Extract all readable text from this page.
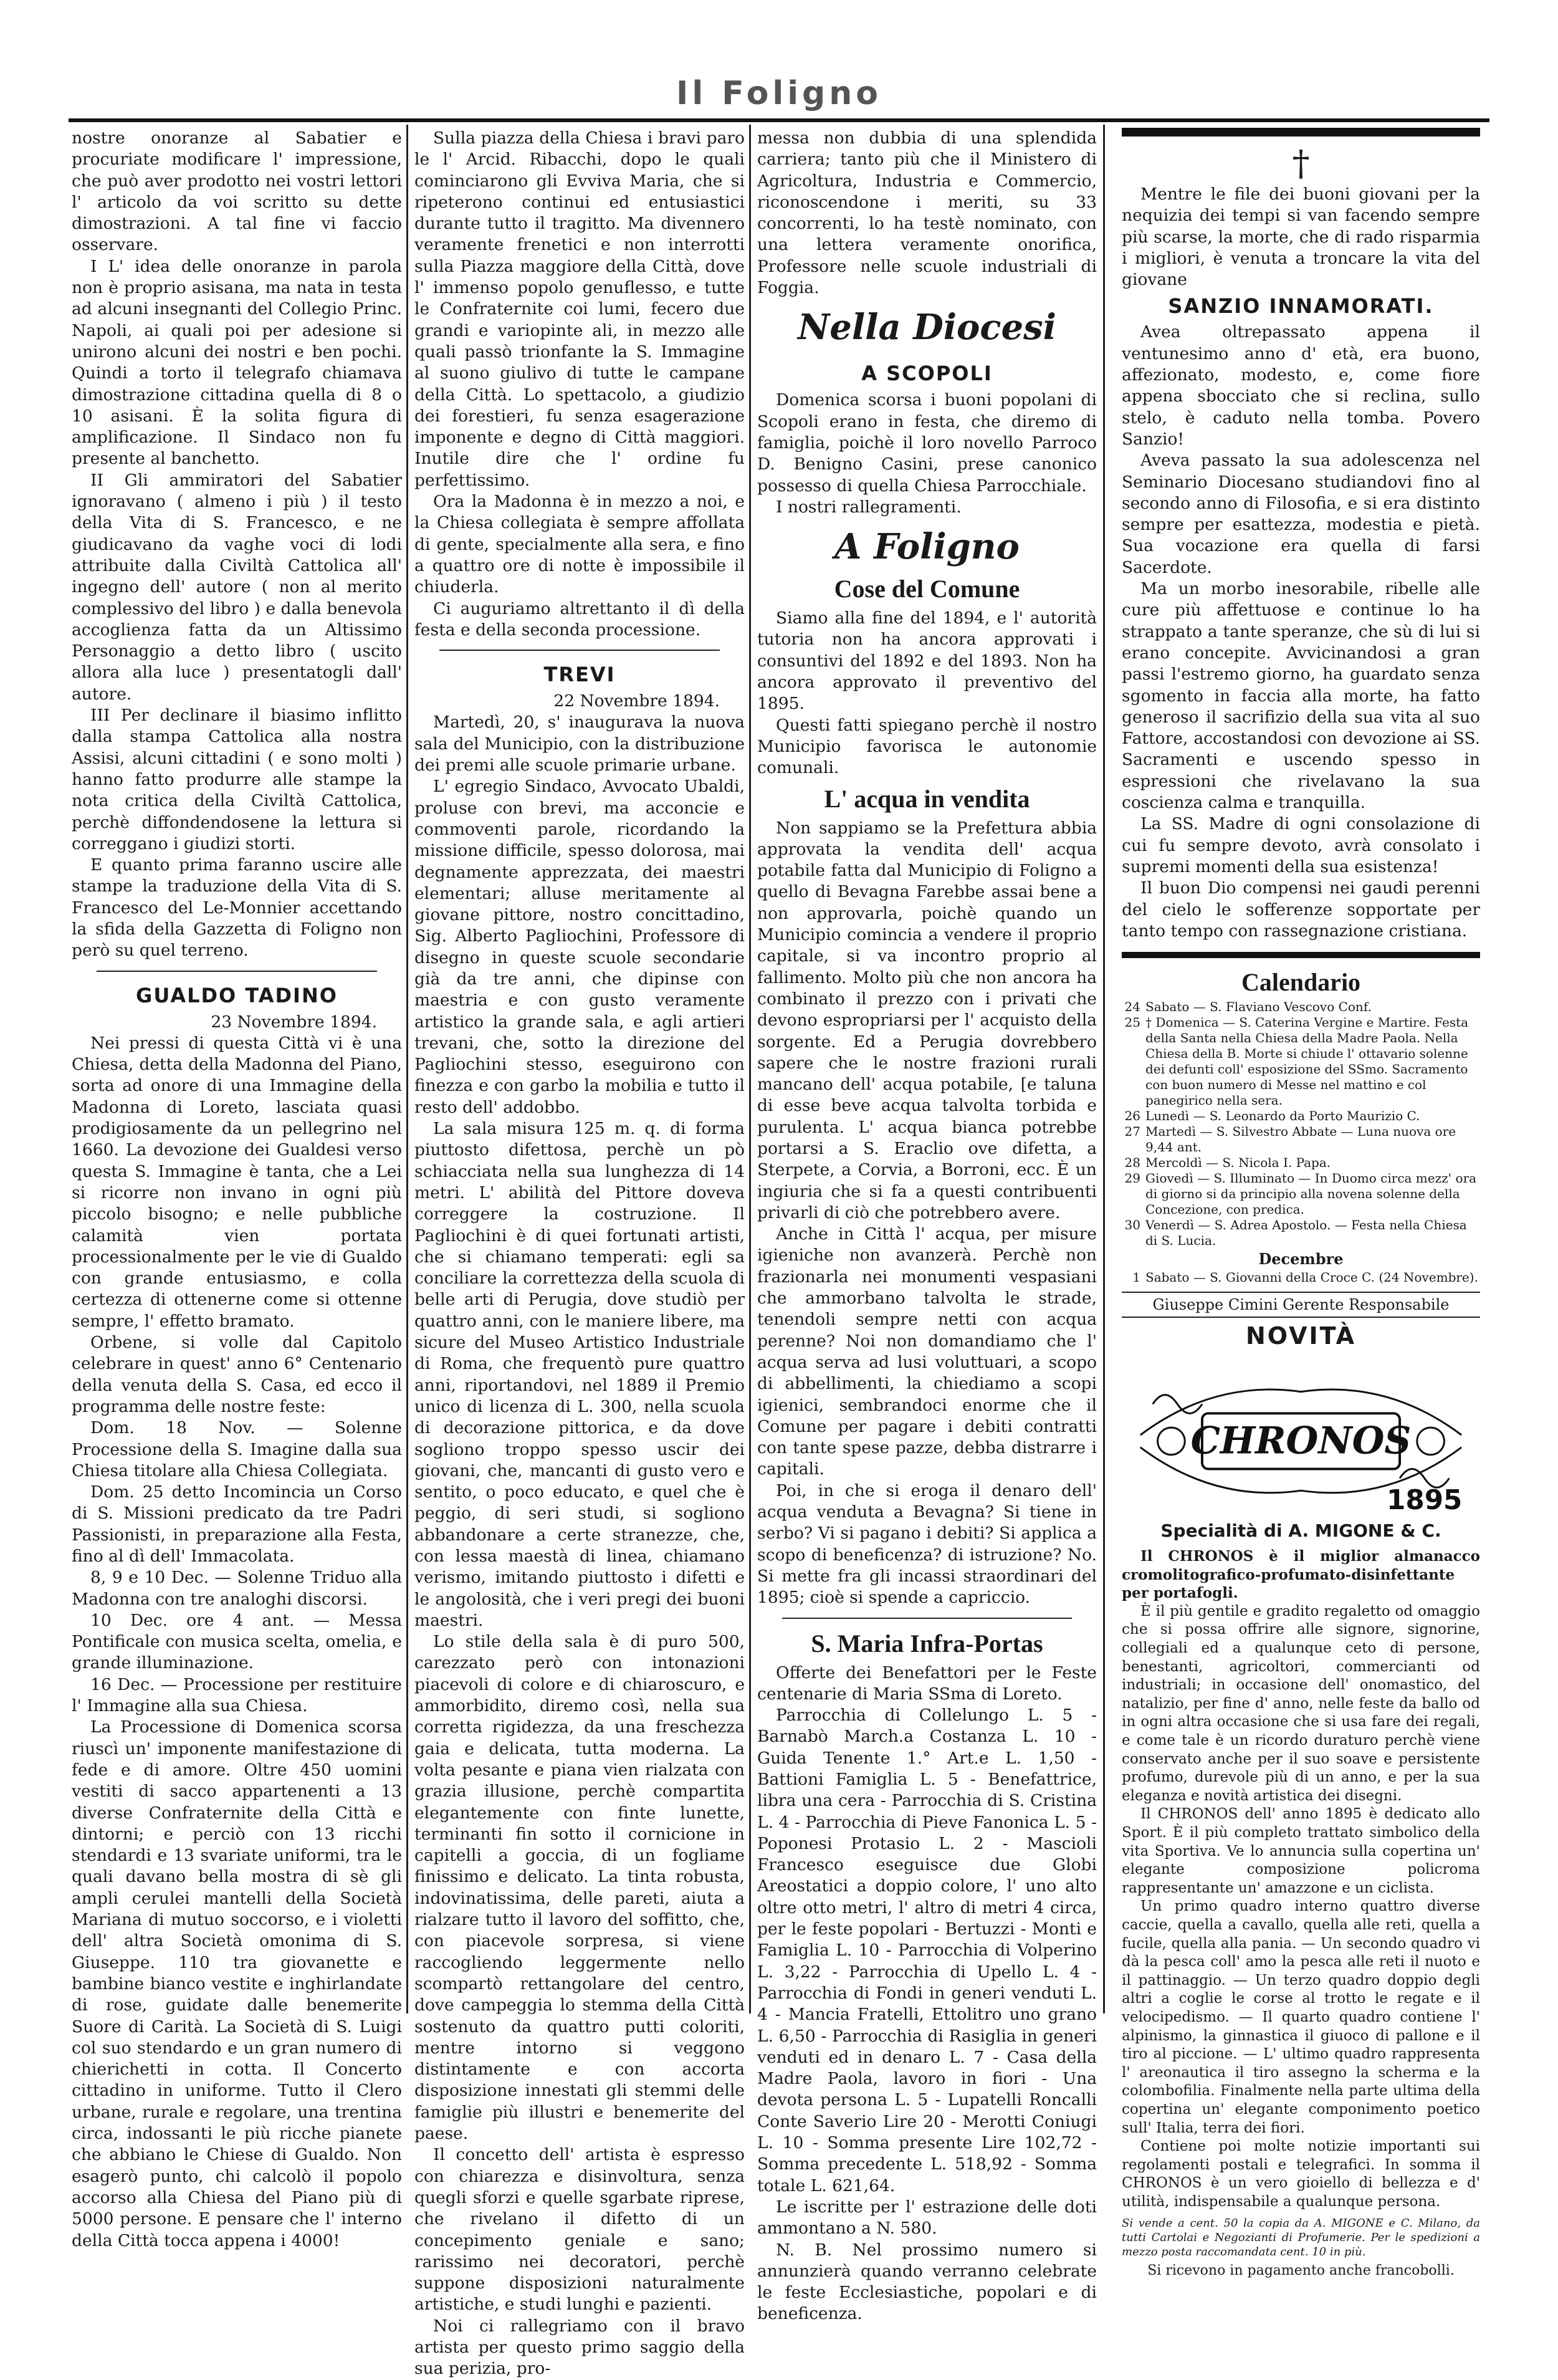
Il Foligno

nostre onoranze al Sabatier e procuriate modificare l' impressione, che può aver prodotto nei vostri lettori l' articolo da voi scritto su dette dimostrazioni. A tal fine vi faccio osservare.

I L' idea delle onoranze in parola non è proprio asisana, ma nata in testa ad alcuni insegnanti del Collegio Princ. Napoli, ai quali poi per adesione si unirono alcuni dei nostri e ben pochi. Quindi a torto il telegrafo chiamava dimostrazione cittadina quella di 8 o 10 asisani. È la solita figura di amplificazione. Il Sindaco non fu presente al banchetto.

II Gli ammiratori del Sabatier ignoravano ( almeno i più ) il testo della Vita di S. Francesco, e ne giudicavano da vaghe voci di lodi attribuite dalla Civiltà Cattolica all' ingegno dell' autore ( non al merito complessivo del libro ) e dalla benevola accoglienza fatta da un Altissimo Personaggio a detto libro ( uscito allora alla luce ) presentatogli dall' autore.

III Per declinare il biasimo inflitto dalla stampa Cattolica alla nostra Assisi, alcuni cittadini ( e sono molti ) hanno fatto produrre alle stampe la nota critica della Civiltà Cattolica, perchè diffondendosene la lettura si correggano i giudizi storti.

E quanto prima faranno uscire alle stampe la traduzione della Vita di S. Francesco del Le-Monnier accettando la sfida della Gazzetta di Foligno non però su quel terreno.

GUALDO TADINO
23 Novembre 1894.

Nei pressi di questa Città vi è una Chiesa, detta della Madonna del Piano, sorta ad onore di una Immagine della Madonna di Loreto, lasciata quasi prodigiosamente da un pellegrino nel 1660. La devozione dei Gualdesi verso questa S. Immagine è tanta, che a Lei si ricorre non invano in ogni più piccolo bisogno; e nelle pubbliche calamità vien portata processionalmente per le vie di Gualdo con grande entusiasmo, e colla certezza di ottenerne come si ottenne sempre, l' effetto bramato.

Orbene, si volle dal Capitolo celebrare in quest' anno 6° Centenario della venuta della S. Casa, ed ecco il programma delle nostre feste:

Dom. 18 Nov. — Solenne Processione della S. Imagine dalla sua Chiesa titolare alla Chiesa Collegiata.

Dom. 25 detto Incomincia un Corso di S. Missioni predicato da tre Padri Passionisti, in preparazione alla Festa, fino al dì dell' Immacolata.

8, 9 e 10 Dec. — Solenne Triduo alla Madonna con tre analoghi discorsi.

10 Dec. ore 4 ant. — Messa Pontificale con musica scelta, omelia, e grande illuminazione.

16 Dec. — Processione per restituire l' Immagine alla sua Chiesa.

La Processione di Domenica scorsa riuscì un' imponente manifestazione di fede e di amore. Oltre 450 uomini vestiti di sacco appartenenti a 13 diverse Confraternite della Città e dintorni; e perciò con 13 ricchi stendardi e 13 svariate uniformi, tra le quali davano bella mostra di sè gli ampli cerulei mantelli della Società Mariana di mutuo soccorso, e i violetti dell' altra Società omonima di S. Giuseppe. 110 tra giovanette e bambine bianco vestite e inghirlandate di rose, guidate dalle benemerite Suore di Carità. La Società di S. Luigi col suo stendardo e un gran numero di chierichetti in cotta. Il Concerto cittadino in uniforme. Tutto il Clero urbane, rurale e regolare, una trentina circa, indossanti le più ricche pianete che abbiano le Chiese di Gualdo. Non esagerò punto, chi calcolò il popolo accorso alla Chiesa del Piano più di 5000 persone. E pensare che l' interno della Città tocca appena i 4000!

Sulla piazza della Chiesa i bravi paro le l' Arcid. Ribacchi, dopo le quali cominciarono gli Evviva Maria, che si ripeterono continui ed entusiastici durante tutto il tragitto. Ma divennero veramente frenetici e non interrotti sulla Piazza maggiore della Città, dove l' immenso popolo genuflesso, e tutte le Confraternite coi lumi, fecero due grandi e variopinte ali, in mezzo alle quali passò trionfante la S. Immagine al suono giulivo di tutte le campane della Città. Lo spettacolo, a giudizio dei forestieri, fu senza esagerazione imponente e degno di Città maggiori. Inutile dire che l' ordine fu perfettissimo.

Ora la Madonna è in mezzo a noi, e la Chiesa collegiata è sempre affollata di gente, specialmente alla sera, e fino a quattro ore di notte è impossibile il chiuderla.

Ci auguriamo altrettanto il dì della festa e della seconda processione.

TREVI
22 Novembre 1894.

Martedì, 20, s' inaugurava la nuova sala del Municipio, con la distribuzione dei premi alle scuole primarie urbane.

L' egregio Sindaco, Avvocato Ubaldi, proluse con brevi, ma acconcie e commoventi parole, ricordando la missione difficile, spesso dolorosa, mai degnamente apprezzata, dei maestri elementari; alluse meritamente al giovane pittore, nostro concittadino, Sig. Alberto Pagliochini, Professore di disegno in queste scuole secondarie già da tre anni, che dipinse con maestria e con gusto veramente artistico la grande sala, e agli artieri trevani, che, sotto la direzione del Pagliochini stesso, eseguirono con finezza e con garbo la mobilia e tutto il resto dell' addobbo.

La sala misura 125 m. q. di forma piuttosto difettosa, perchè un pò schiacciata nella sua lunghezza di 14 metri. L' abilità del Pittore doveva correggere la costruzione. Il Pagliochini è di quei fortunati artisti, che si chiamano temperati: egli sa conciliare la correttezza della scuola di belle arti di Perugia, dove studiò per quattro anni, con le maniere libere, ma sicure del Museo Artistico Industriale di Roma, che frequentò pure quattro anni, riportandovi, nel 1889 il Premio unico di licenza di L. 300, nella scuola di decorazione pittorica, e da dove sogliono troppo spesso uscir dei giovani, che, mancanti di gusto vero e sentito, o poco educato, e quel che è peggio, di seri studi, si sogliono abbandonare a certe stranezze, che, con lessa maestà di linea, chiamano verismo, imitando piuttosto i difetti e le angolosità, che i veri pregi dei buoni maestri.

Lo stile della sala è di puro 500, carezzato però con intonazioni piacevoli di colore e di chiaroscuro, e ammorbidito, diremo così, nella sua corretta rigidezza, da una freschezza gaia e delicata, tutta moderna. La volta pesante e piana vien rialzata con grazia illusione, perchè compartita elegantemente con finte lunette, terminanti fin sotto il cornicione in capitelli a goccia, di un fogliame finissimo e delicato. La tinta robusta, indovinatissima, delle pareti, aiuta a rialzare tutto il lavoro del soffitto, che, con piacevole sorpresa, si viene raccogliendo leggermente nello scompartò rettangolare del centro, dove campeggia lo stemma della Città sostenuto da quattro putti coloriti, mentre intorno si veggono distintamente e con accorta disposizione innestati gli stemmi delle famiglie più illustri e benemerite del paese.

Il concetto dell' artista è espresso con chiarezza e disinvoltura, senza quegli sforzi e quelle sgarbate riprese, che rivelano il difetto di un concepimento geniale e sano; rarissimo nei decoratori, perchè suppone disposizioni naturalmente artistiche, e studi lunghi e pazienti.

Noi ci rallegriamo con il bravo artista per questo primo saggio della sua perizia, pro-

messa non dubbia di una splendida carriera; tanto più che il Ministero di Agricoltura, Industria e Commercio, riconoscendone i meriti, su 33 concorrenti, lo ha testè nominato, con una lettera veramente onorifica, Professore nelle scuole industriali di Foggia.

Nella Diocesi
A SCOPOLI

Domenica scorsa i buoni popolani di Scopoli erano in festa, che diremo di famiglia, poichè il loro novello Parroco D. Benigno Casini, prese canonico possesso di quella Chiesa Parrocchiale.

I nostri rallegramenti.

A Foligno
Cose del Comune

Siamo alla fine del 1894, e l' autorità tutoria non ha ancora approvati i consuntivi del 1892 e del 1893. Non ha ancora approvato il preventivo del 1895.

Questi fatti spiegano perchè il nostro Municipio favorisca le autonomie comunali.

L' acqua in vendita

Non sappiamo se la Prefettura abbia approvata la vendita dell' acqua potabile fatta dal Municipio di Foligno a quello di Bevagna Farebbe assai bene a non approvarla, poichè quando un Municipio comincia a vendere il proprio capitale, si va incontro proprio al fallimento. Molto più che non ancora ha combinato il prezzo con i privati che devono espropriarsi per l' acquisto della sorgente. Ed a Perugia dovrebbero sapere che le nostre frazioni rurali mancano dell' acqua potabile, [e taluna di esse beve acqua talvolta torbida e purulenta. L' acqua bianca potrebbe portarsi a S. Eraclio ove difetta, a Sterpete, a Corvia, a Borroni, ecc. È un ingiuria che si fa a questi contribuenti privarli di ciò che potrebbero avere.

Anche in Città l' acqua, per misure igieniche non avanzerà. Perchè non frazionarla nei monumenti vespasiani che ammorbano talvolta le strade, tenendoli sempre netti con acqua perenne? Noi non domandiamo che l' acqua serva ad lusi voluttuari, a scopo di abbellimenti, la chiediamo a scopi igienici, sembrandoci enorme che il Comune per pagare i debiti contratti con tante spese pazze, debba distrarre i capitali.

Poi, in che si eroga il denaro dell' acqua venduta a Bevagna? Si tiene in serbo? Vi si pagano i debiti? Si applica a scopo di beneficenza? di istruzione? No. Si mette fra gli incassi straordinari del 1895; cioè si spende a capriccio.

S. Maria Infra-Portas

Offerte dei Benefattori per le Feste centenarie di Maria SSma di Loreto.

Parrocchia di Collelungo L. 5 - Barnabò March.a Costanza L. 10 - Guida Tenente 1.° Art.e L. 1,50 - Battioni Famiglia L. 5 - Benefattrice, libra una cera - Parrocchia di S. Cristina L. 4 - Parrocchia di Pieve Fanonica L. 5 - Poponesi Protasio L. 2 - Mascioli Francesco eseguisce due Globi Areostatici a doppio colore, l' uno alto oltre otto metri, l' altro di metri 4 circa, per le feste popolari - Bertuzzi - Monti e Famiglia L. 10 - Parrocchia di Volperino L. 3,22 - Parrocchia di Upello L. 4 - Parrocchia di Fondi in generi venduti L. 4 - Mancia Fratelli, Ettolitro uno grano L. 6,50 - Parrocchia di Rasiglia in generi venduti ed in denaro L. 7 - Casa della Madre Paola, lavoro in fiori - Una devota persona L. 5 - Lupatelli Roncalli Conte Saverio Lire 20 - Merotti Coniugi L. 10 - Somma presente Lire 102,72 - Somma precedente L. 518,92 - Somma totale L. 621,64.

Le iscritte per l' estrazione delle doti ammontano a N. 580.

N. B. Nel prossimo numero si annunzierà quando verranno celebrate le feste Ecclesiastiche, popolari e di beneficenza.

†

Mentre le file dei buoni giovani per la nequizia dei tempi si van facendo sempre più scarse, la morte, che di rado risparmia i migliori, è venuta a troncare la vita del giovane

SANZIO INNAMORATI.

Avea oltrepassato appena il ventunesimo anno d' età, era buono, affezionato, modesto, e, come fiore appena sbocciato che si reclina, sullo stelo, è caduto nella tomba. Povero Sanzio!

Aveva passato la sua adolescenza nel Seminario Diocesano studiandovi fino al secondo anno di Filosofia, e si era distinto sempre per esattezza, modestia e pietà. Sua vocazione era quella di farsi Sacerdote.

Ma un morbo inesorabile, ribelle alle cure più affettuose e continue lo ha strappato a tante speranze, che sù di lui si erano concepite. Avvicinandosi a gran passi l'estremo giorno, ha guardato senza sgomento in faccia alla morte, ha fatto generoso il sacrifizio della sua vita al suo Fattore, accostandosi con devozione ai SS. Sacramenti e uscendo spesso in espressioni che rivelavano la sua coscienza calma e tranquilla.

La SS. Madre di ogni consolazione di cui fu sempre devoto, avrà consolato i supremi momenti della sua esistenza!

Il buon Dio compensi nei gaudi perenni del cielo le sofferenze sopportate per tanto tempo con rassegnazione cristiana.

Calendario
24 Sabato — S. Flaviano Vescovo Conf.
25 † Domenica — S. Caterina Vergine e Martire. Festa della Santa nella Chiesa della Madre Paola. Nella Chiesa della B. Morte si chiude l' ottavario solenne dei defunti coll' esposizione del SSmo. Sacramento con buon numero di Messe nel mattino e col panegirico nella sera.
26 Lunedì — S. Leonardo da Porto Maurizio C.
27 Martedì — S. Silvestro Abbate — Luna nuova ore 9,44 ant.
28 Mercoldì — S. Nicola I. Papa.
29 Giovedì — S. Illuminato — In Duomo circa mezz' ora di giorno si da principio alla novena solenne della Concezione, con predica.
30 Venerdì — S. Adrea Apostolo. — Festa nella Chiesa di S. Lucia.
Decembre
1 Sabato — S. Giovanni della Croce C. (24 Novembre).
Giuseppe Cimini Gerente Responsabile
NOVITÀ
CHRONOS
1895
Specialità di A. MIGONE & C.

Il CHRONOS è il miglior almanacco cromolitografico-profumato-disinfettante per portafogli.

È il più gentile e gradito regaletto od omaggio che si possa offrire alle signore, signorine, collegiali ed a qualunque ceto di persone, benestanti, agricoltori, commercianti od industriali; in occasione dell' onomastico, del natalizio, per fine d' anno, nelle feste da ballo od in ogni altra occasione che si usa fare dei regali, e come tale è un ricordo duraturo perchè viene conservato anche per il suo soave e persistente profumo, durevole più di un anno, e per la sua eleganza e novità artistica dei disegni.

Il CHRONOS dell' anno 1895 è dedicato allo Sport. È il più completo trattato simbolico della vita Sportiva. Ve lo annuncia sulla copertina un' elegante composizione policroma rappresentante un' amazzone e un ciclista.

Un primo quadro interno quattro diverse caccie, quella a cavallo, quella alle reti, quella a fucile, quella alla pania. — Un secondo quadro vi dà la pesca coll' amo la pesca alle reti il nuoto e il pattinaggio. — Un terzo quadro doppio degli altri a coglie le corse al trotto le regate e il velocipedismo. — Il quarto quadro contiene l' alpinismo, la ginnastica il giuoco di pallone e il tiro al piccione. — L' ultimo quadro rappresenta l' areonautica il tiro assegno la scherma e la colombofilia. Finalmente nella parte ultima della copertina un' elegante componimento poetico sull' Italia, terra dei fiori.

Contiene poi molte notizie importanti sui regolamenti postali e telegrafici. In somma il CHRONOS è un vero gioiello di bellezza e d' utilità, indispensabile a qualunque persona.

Si vende a cent. 50 la copia da A. MIGONE e C. Milano, da tutti Cartolai e Negozianti di Profumerie. Per le spedizioni a mezzo posta raccomandata cent. 10 in più.
Si ricevono in pagamento anche francobolli.
